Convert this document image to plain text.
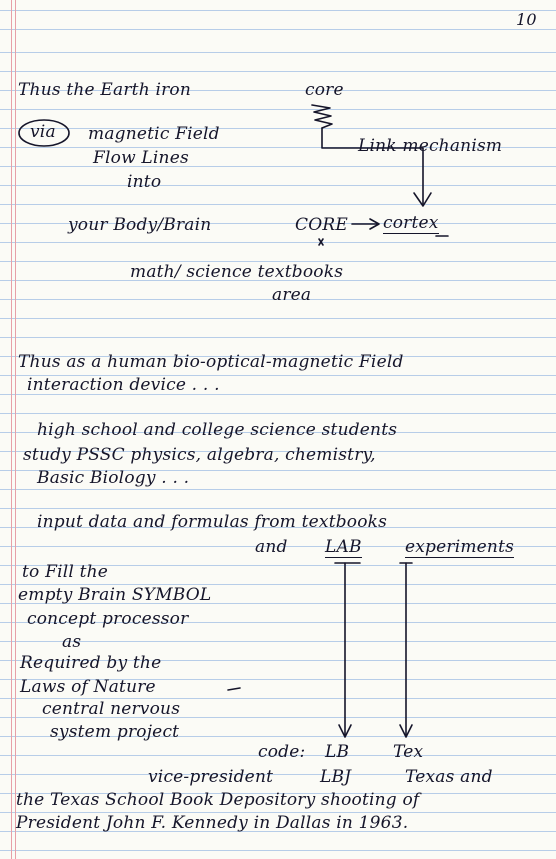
10
Thus the Earth iron	core
via magnetic Field
Flow Lines
into
Link mechanism
your Body/Brain	CORE cortex
math/ science textbooks
area
Thus as a human bio-optical-magnetic Field
interaction device . . .
high school and college science students
study PSSC physics, algebra, chemistry,
Basic Biology . . .
input data and formulas from textbooks
and LAB	experiments
to Fill the
empty Brain SYMBOL
concept processor
as
Required by the
Laws of Nature
central nervous
system project
code: LB	Tex
vice-president	LBJ	Texas and
the Texas School Book Depository shooting of
President John F. Kennedy in Dallas in 1963.
